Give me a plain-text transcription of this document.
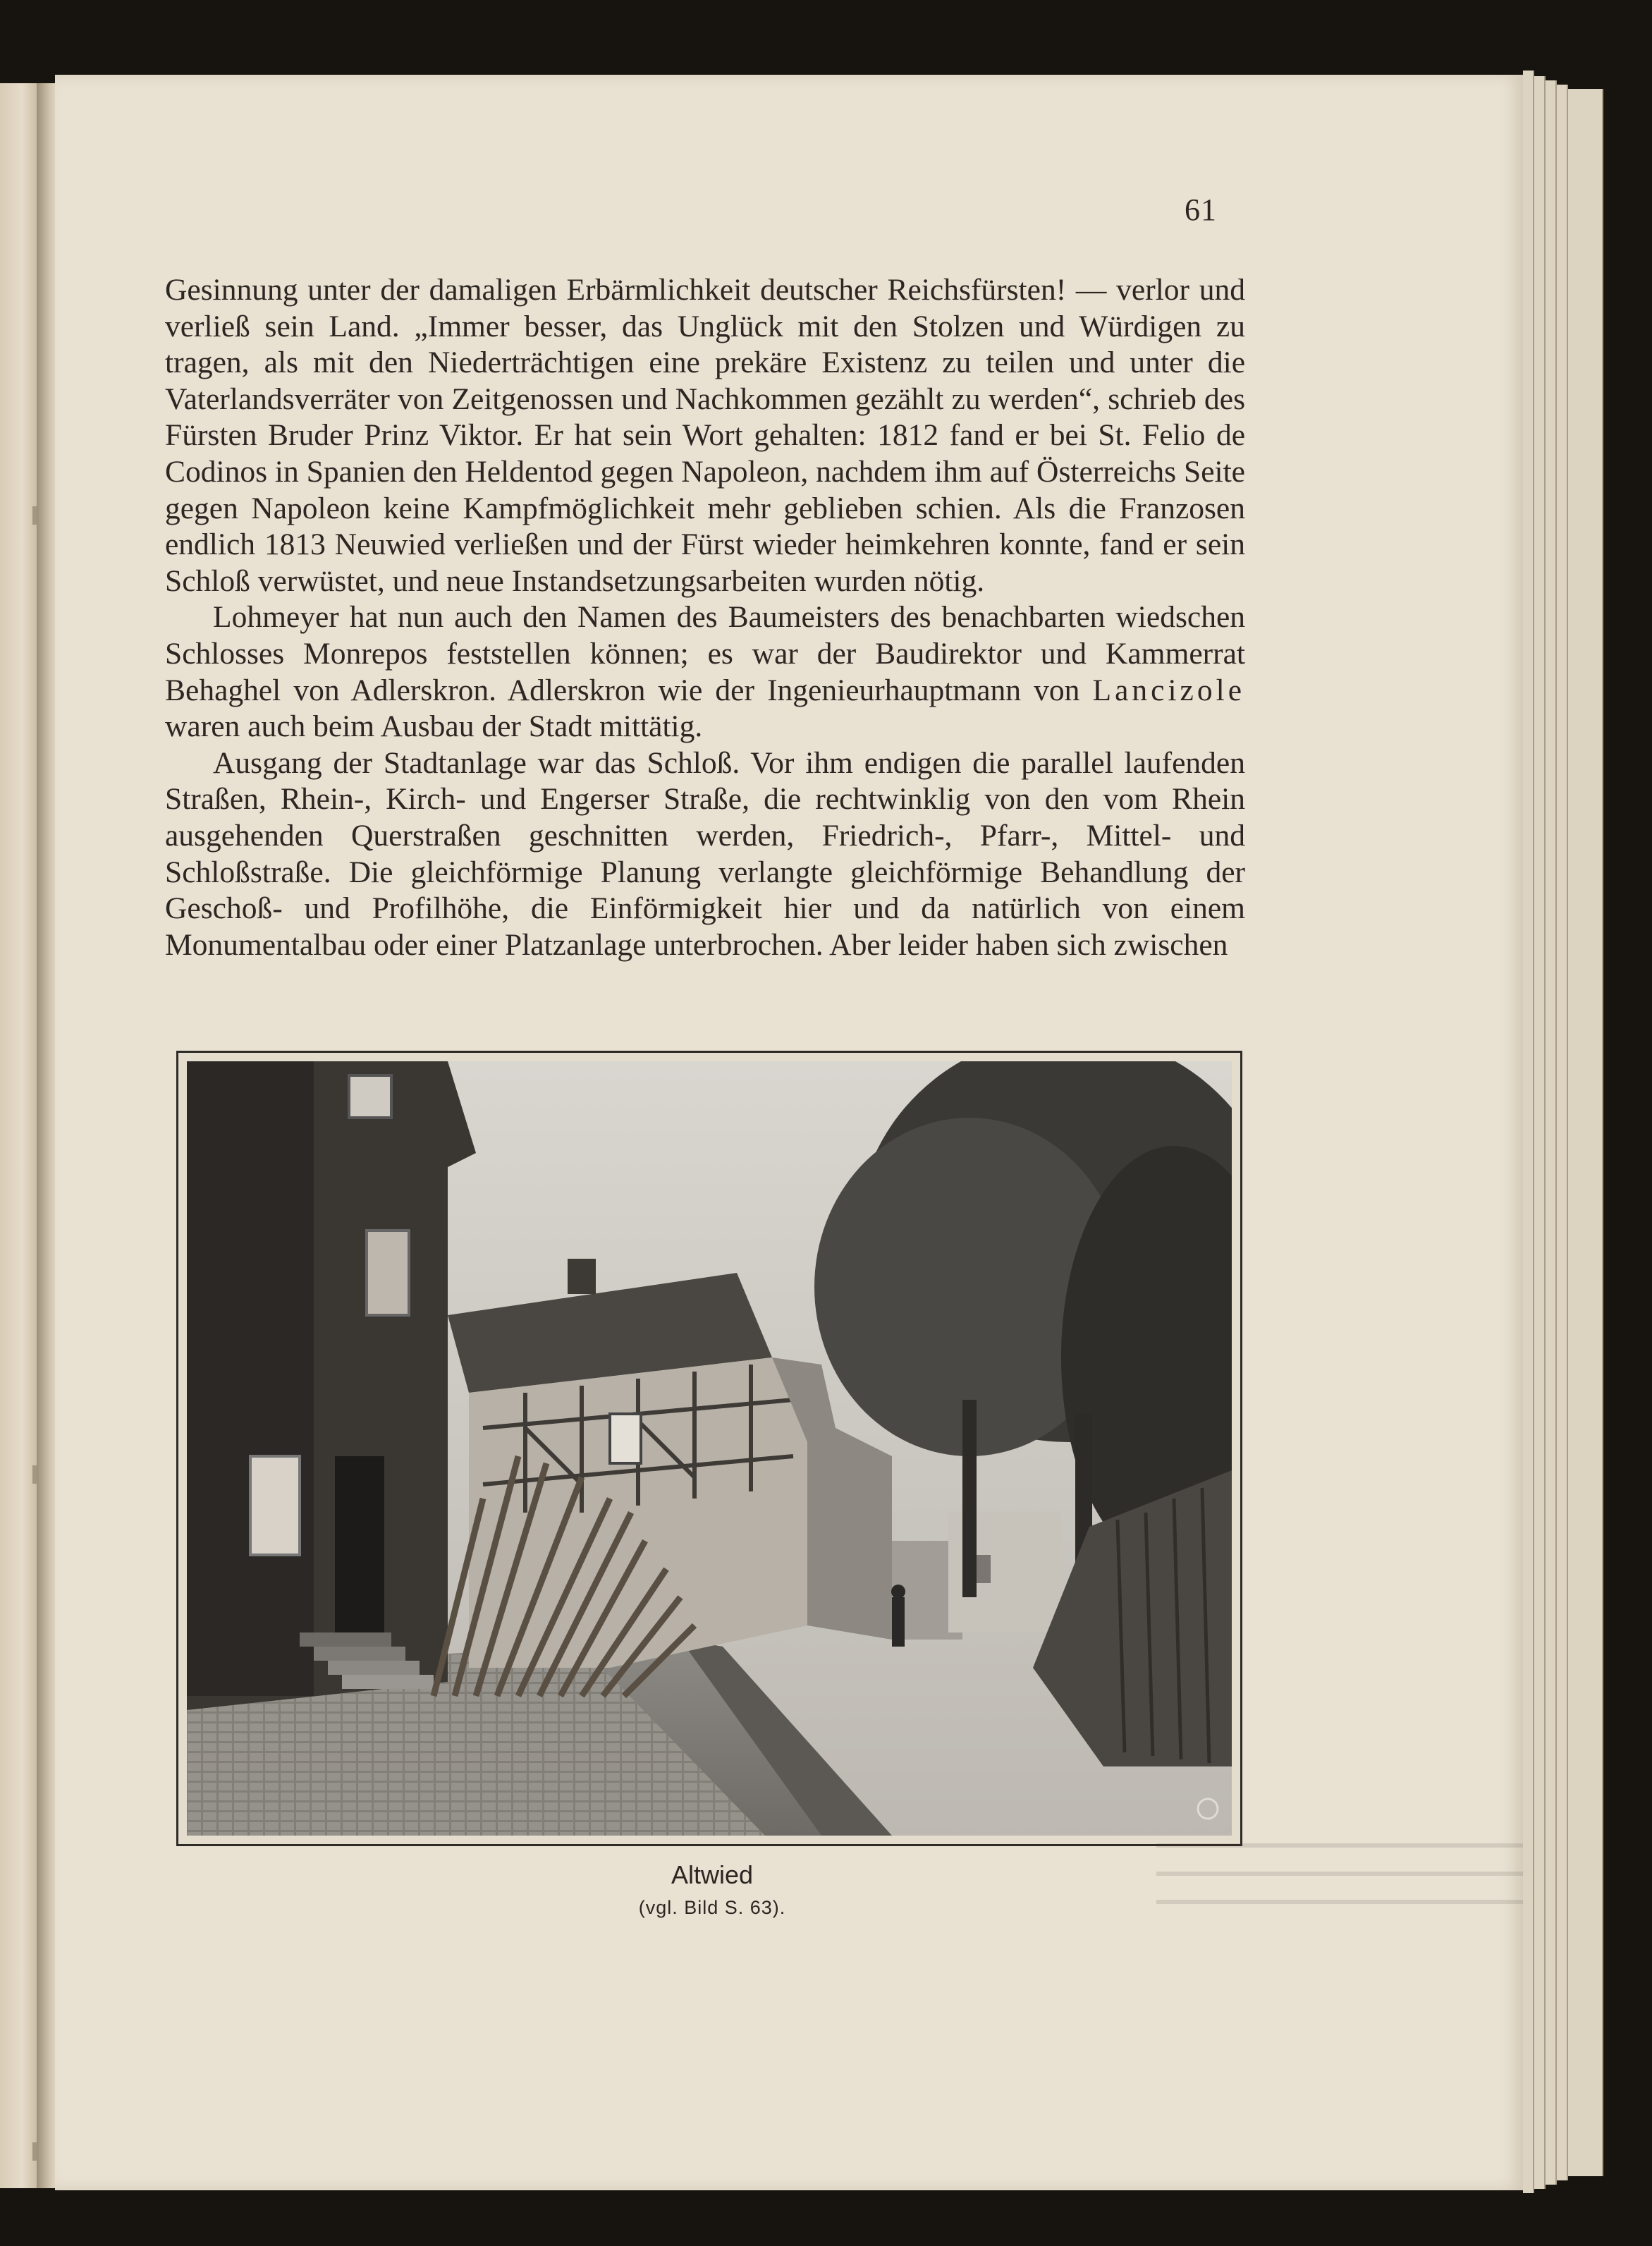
61

Gesinnung unter der damaligen Erbärmlichkeit deutscher Reichsfürsten! — verlor und verließ sein Land. „Immer besser, das Unglück mit den Stolzen und Würdigen zu tragen, als mit den Niederträchtigen eine prekäre Existenz zu teilen und unter die Vaterlandsverräter von Zeitgenossen und Nachkommen gezählt zu werden“, schrieb des Fürsten Bruder Prinz Viktor. Er hat sein Wort gehalten: 1812 fand er bei St. Felio de Codinos in Spanien den Heldentod gegen Napoleon, nachdem ihm auf Österreichs Seite gegen Napoleon keine Kampfmöglichkeit mehr geblieben schien. Als die Franzosen endlich 1813 Neuwied verließen und der Fürst wieder heimkehren konnte, fand er sein Schloß verwüstet, und neue Instandsetzungsarbeiten wurden nötig.

Lohmeyer hat nun auch den Namen des Baumeisters des benachbarten wiedschen Schlosses Monrepos feststellen können; es war der Baudirektor und Kammerrat Behaghel von Adlerskron. Adlerskron wie der Ingenieurhauptmann von Lancizole waren auch beim Ausbau der Stadt mittätig.

Ausgang der Stadtanlage war das Schloß. Vor ihm endigen die parallel laufenden Straßen, Rhein-, Kirch- und Engerser Straße, die rechtwinklig von den vom Rhein ausgehenden Querstraßen geschnitten werden, Friedrich-, Pfarr-, Mittel- und Schloßstraße. Die gleichförmige Planung verlangte gleichförmige Behandlung der Geschoß- und Profilhöhe, die Einförmigkeit hier und da natürlich von einem Monumentalbau oder einer Platzanlage unterbrochen. Aber leider haben sich zwischen

Altwied
(vgl. Bild S. 63).
